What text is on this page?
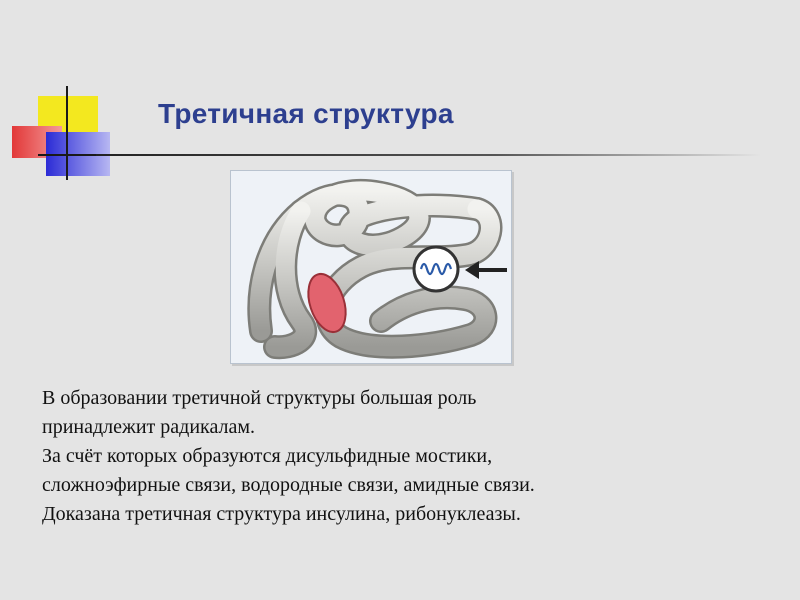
Третичная структура

В образовании третичной структуры большая роль

принадлежит радикалам.

За счёт которых образуются дисульфидные мостики,

сложноэфирные связи, водородные связи, амидные связи.

Доказана третичная структура инсулина, рибонуклеазы.
